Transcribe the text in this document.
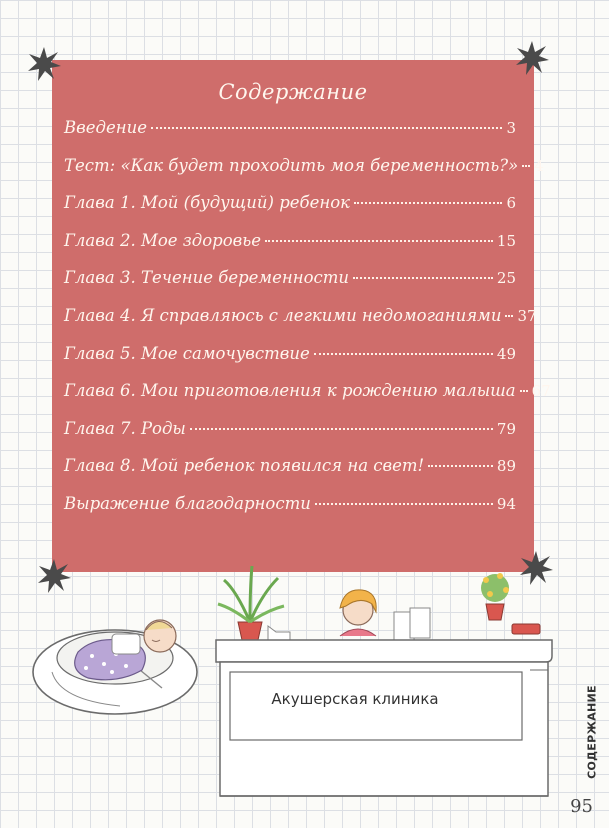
Содержание
Введение	3
Тест: «Как будет проходить моя беременность?» 4
Глава 1. Мой (будущий) ребенок	6
Глава 2. Мое здоровье	15
Глава 3. Течение беременности	25
Глава 4. Я справляюсь с легкими недомоганиями 37
Глава 5. Мое самочувствие	49
Глава 6. Мои приготовления к рождению малыша 67
Глава 7. Роды	79
Глава 8. Мой ребенок появился на свет!	89
Выражение благодарности	94
Акушерская клиника	СОДЕРЖАНИЕ
95
